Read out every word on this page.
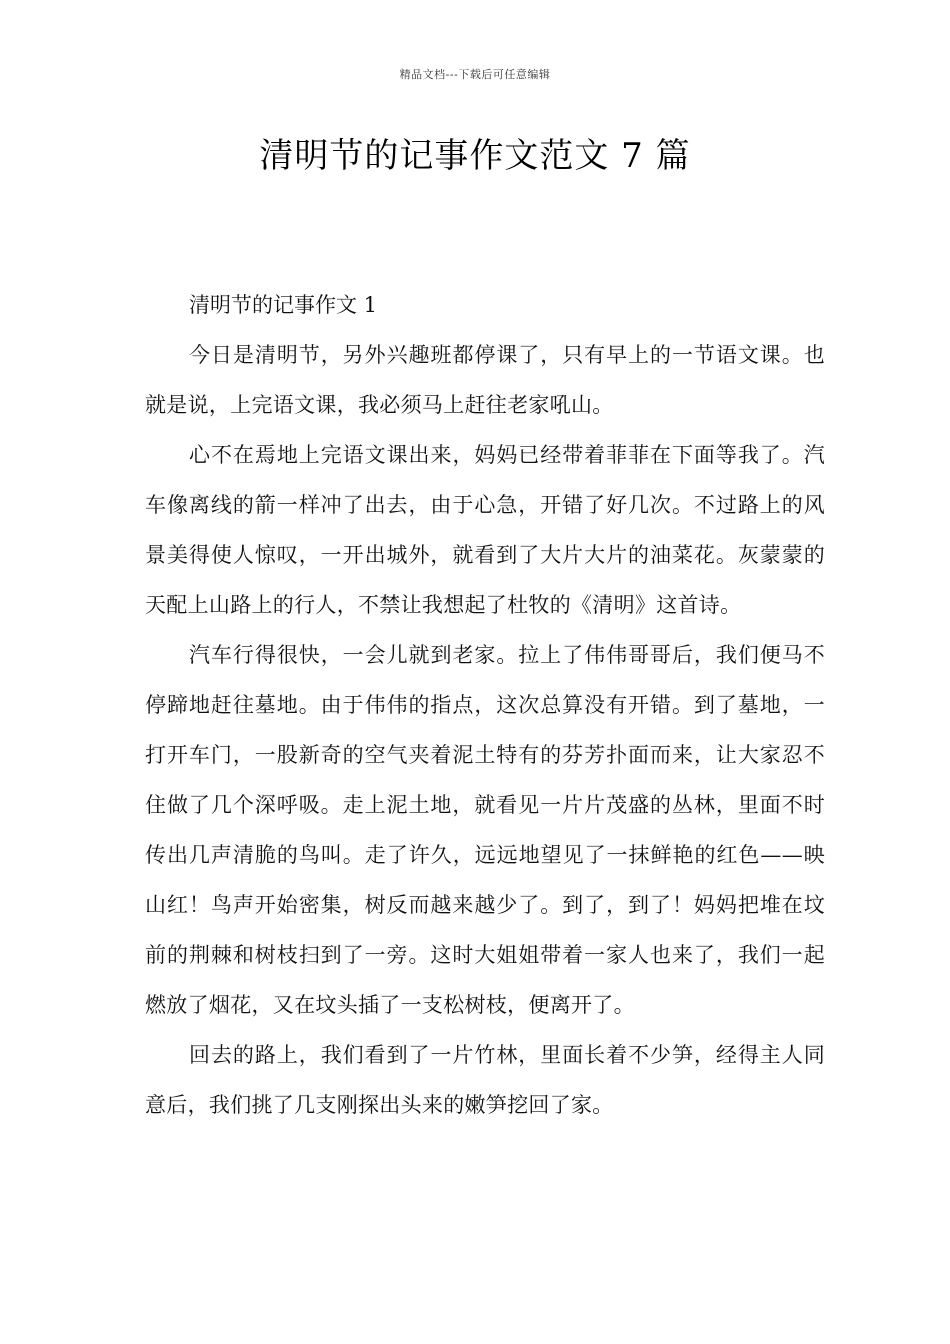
精品文档---下载后可任意编辑
清明节的记事作文范文 7 篇
清明节的记事作文 1

今日是清明节，另外兴趣班都停课了，只有早上的一节语文课。也就是说，上完语文课，我必须马上赶往老家吼山。

心不在焉地上完语文课出来，妈妈已经带着菲菲在下面等我了。汽车像离线的箭一样冲了出去，由于心急，开错了好几次。不过路上的风景美得使人惊叹，一开出城外，就看到了大片大片的油菜花。灰蒙蒙的天配上山路上的行人，不禁让我想起了杜牧的《清明》这首诗。

汽车行得很快，一会儿就到老家。拉上了伟伟哥哥后，我们便马不停蹄地赶往墓地。由于伟伟的指点，这次总算没有开错。到了墓地，一打开车门，一股新奇的空气夹着泥土特有的芬芳扑面而来，让大家忍不住做了几个深呼吸。走上泥土地，就看见一片片茂盛的丛林，里面不时传出几声清脆的鸟叫。走了许久，远远地望见了一抹鲜艳的红色——映山红！鸟声开始密集，树反而越来越少了。到了，到了！妈妈把堆在坟前的荆棘和树枝扫到了一旁。这时大姐姐带着一家人也来了，我们一起燃放了烟花，又在坟头插了一支松树枝，便离开了。

回去的路上，我们看到了一片竹林，里面长着不少笋，经得主人同意后，我们挑了几支刚探出头来的嫩笋挖回了家。
